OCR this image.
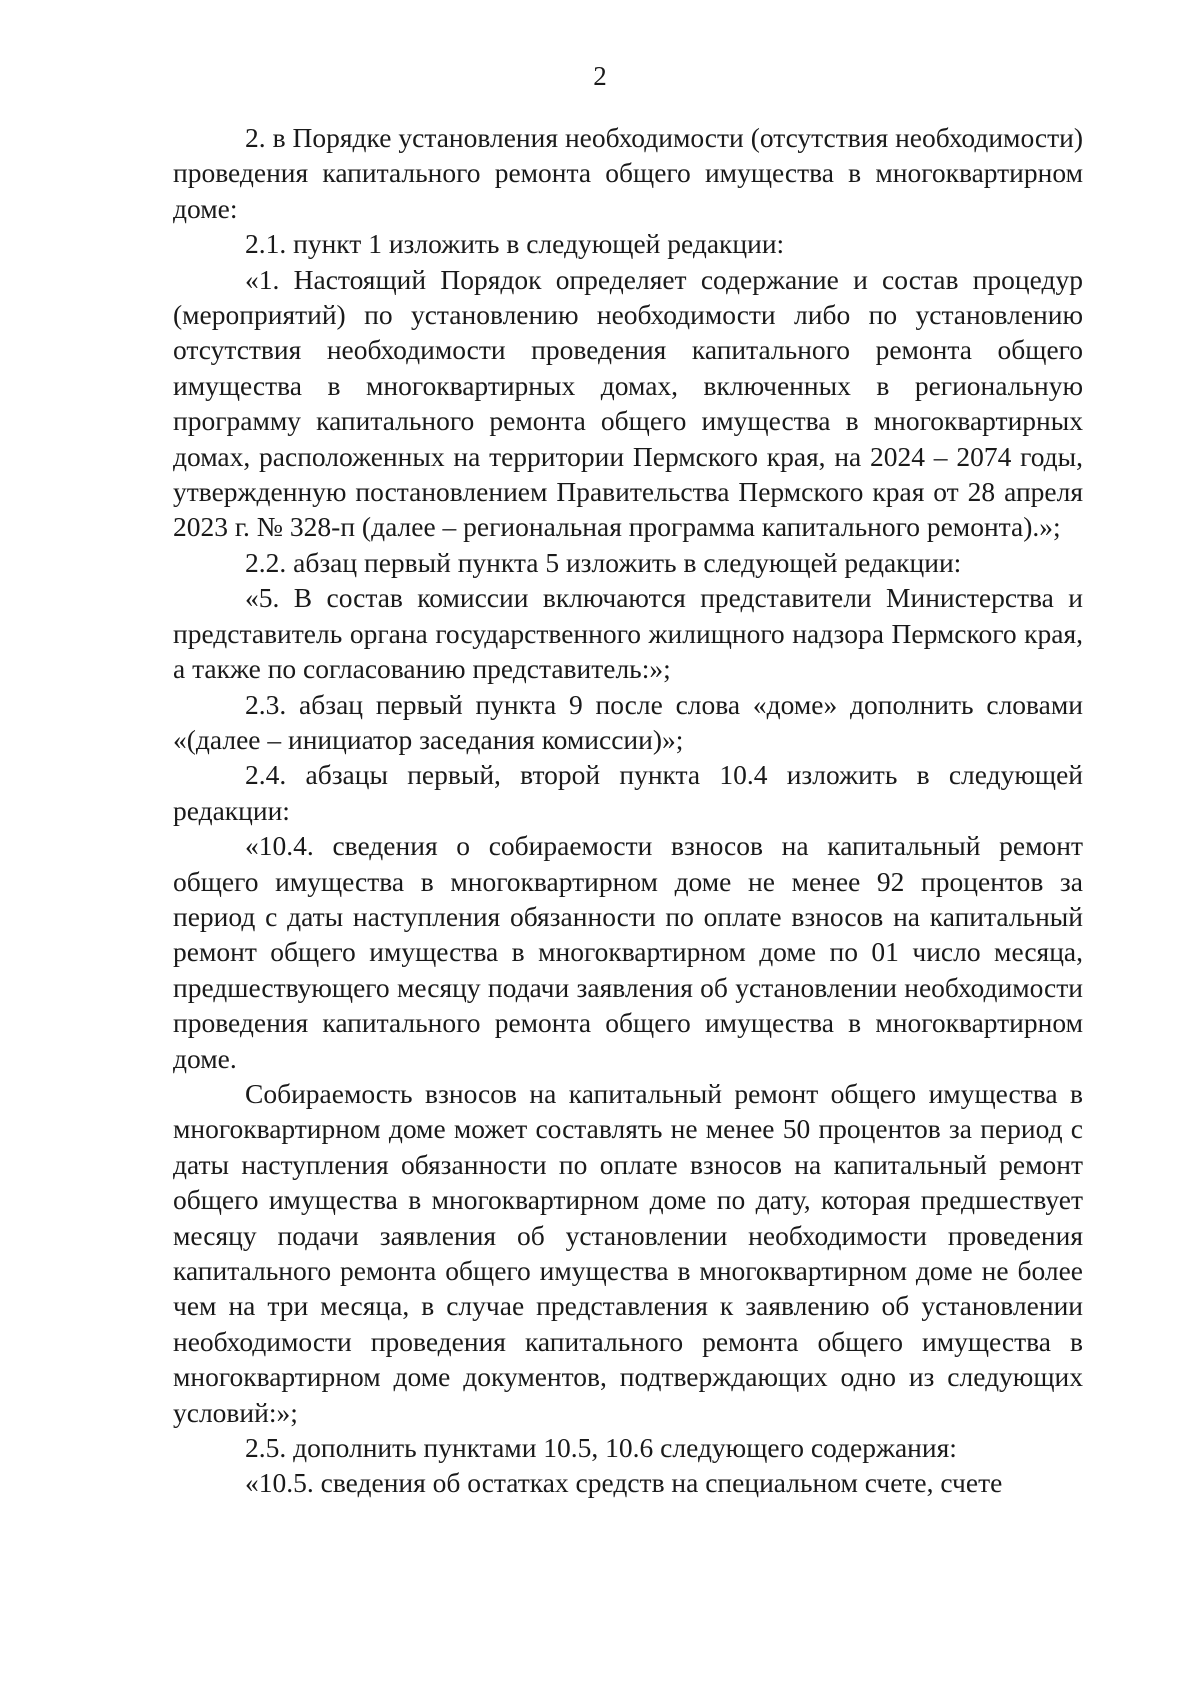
2

2. в Порядке установления необходимости (отсутствия необходимости) проведения капитального ремонта общего имущества в многоквартирном доме:

2.1. пункт 1 изложить в следующей редакции:

«1. Настоящий Порядок определяет содержание и состав процедур (мероприятий) по установлению необходимости либо по установлению отсутствия необходимости проведения капитального ремонта общего имущества в многоквартирных домах, включенных в региональную программу капитального ремонта общего имущества в многоквартирных домах, расположенных на территории Пермского края, на 2024 – 2074 годы, утвержденную постановлением Правительства Пермского края от 28 апреля 2023 г. № 328-п (далее – региональная программа капитального ремонта).»;

2.2. абзац первый пункта 5 изложить в следующей редакции:

«5. В состав комиссии включаются представители Министерства и представитель органа государственного жилищного надзора Пермского края, а также по согласованию представитель:»;

2.3. абзац первый пункта 9 после слова «доме» дополнить словами «(далее – инициатор заседания комиссии)»;

2.4. абзацы первый, второй пункта 10.4 изложить в следующей редакции:

«10.4. сведения о собираемости взносов на капитальный ремонт общего имущества в многоквартирном доме не менее 92 процентов за период с даты наступления обязанности по оплате взносов на капитальный ремонт общего имущества в многоквартирном доме по 01 число месяца, предшествующего месяцу подачи заявления об установлении необходимости проведения капитального ремонта общего имущества в многоквартирном доме.

Собираемость взносов на капитальный ремонт общего имущества в многоквартирном доме может составлять не менее 50 процентов за период с даты наступления обязанности по оплате взносов на капитальный ремонт общего имущества в многоквартирном доме по дату, которая предшествует месяцу подачи заявления об установлении необходимости проведения капитального ремонта общего имущества в многоквартирном доме не более чем на три месяца, в случае представления к заявлению об установлении необходимости проведения капитального ремонта общего имущества в многоквартирном доме документов, подтверждающих одно из следующих условий:»;

2.5. дополнить пунктами 10.5, 10.6 следующего содержания:

«10.5. сведения об остатках средств на специальном счете, счете
